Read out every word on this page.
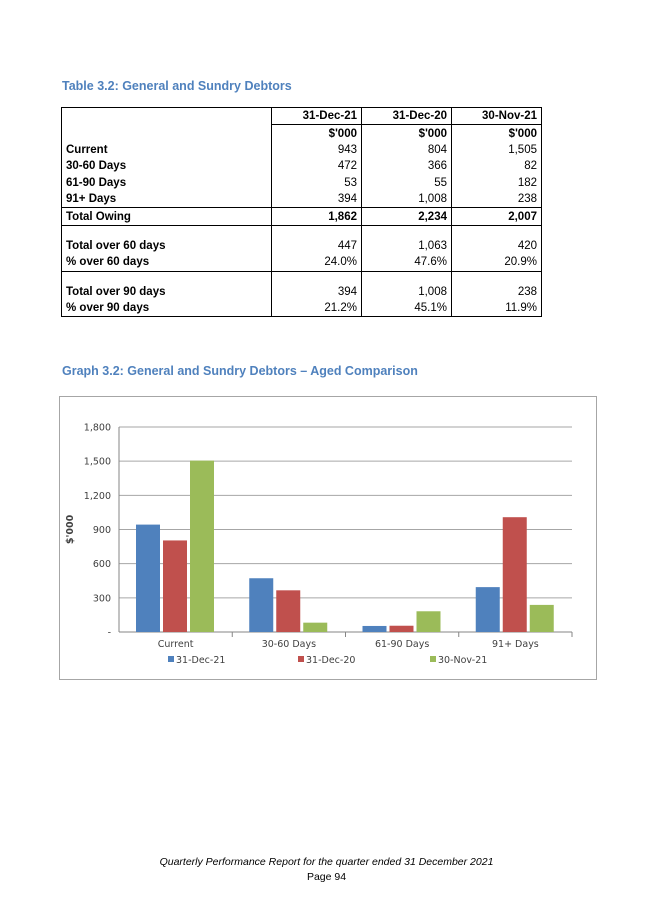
Table 3.2: General and Sundry Debtors
	31-Dec-21	31-Dec-20	30-Nov-21
	$'000	$'000	$'000
Current	943	804	1,505
30-60 Days	472	366	82
61-90 Days	53	55	182
91+ Days	394	1,008	238
Total Owing	1,862	2,234	2,007

Total over 60 days	447	1,063	420
% over 60 days	24.0%	47.6%	20.9%

Total over 90 days	394	1,008	238
% over 90 days	21.2%	45.1%	11.9%
Graph 3.2: General and Sundry Debtors – Aged Comparison
-
300
600
900
1,200
1,500
1,800
$'000
Current	30-60 Days	61-90 Days	91+ Days
31-Dec-21	31-Dec-20	30-Nov-21
Quarterly Performance Report for the quarter ended 31 December 2021
Page 94
